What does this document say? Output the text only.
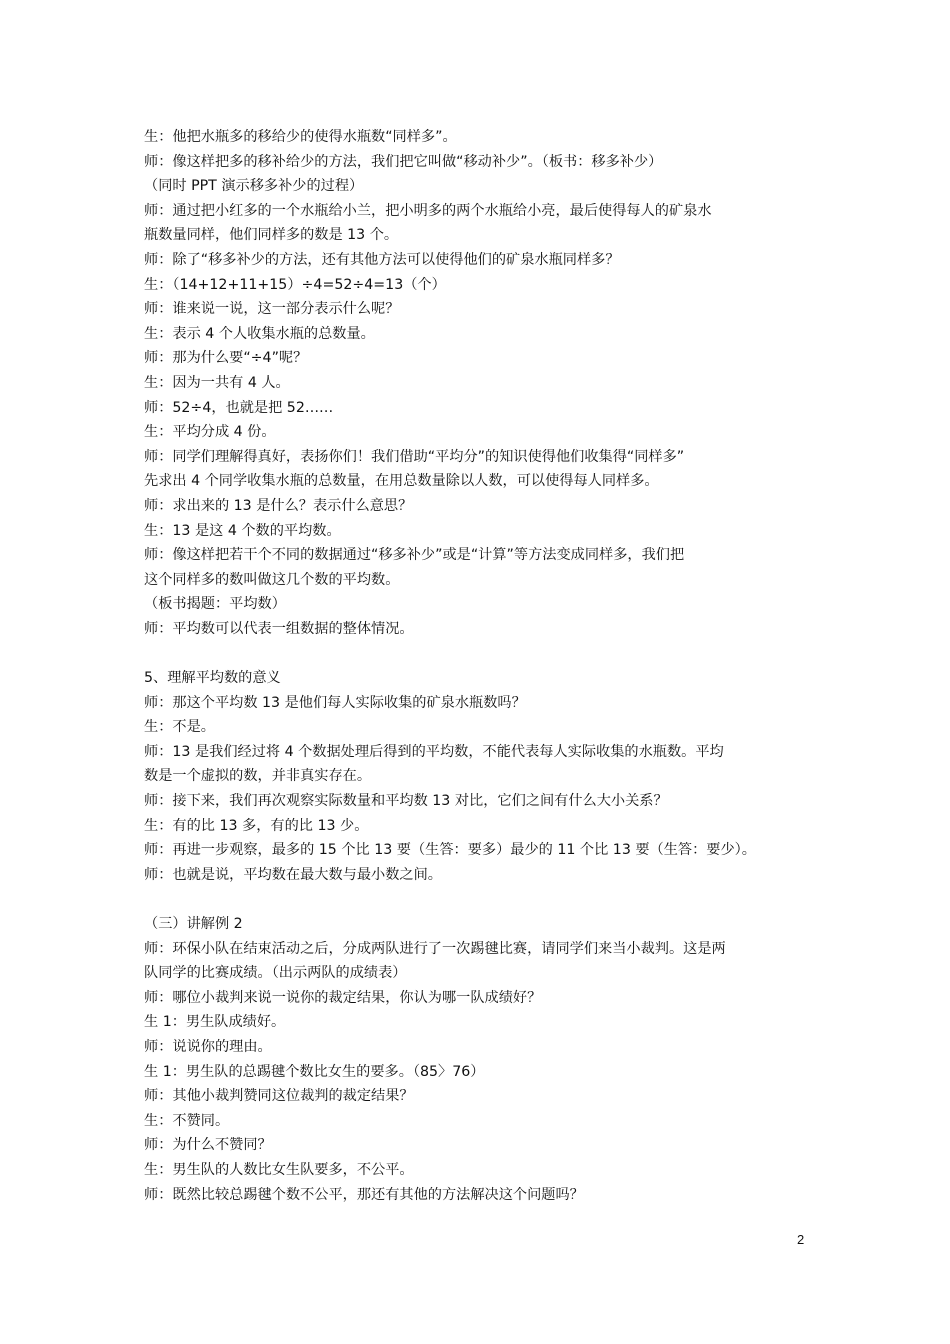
生：他把水瓶多的移给少的使得水瓶数“同样多”。
师：像这样把多的移补给少的方法，我们把它叫做“移动补少”。（板书：移多补少）
（同时 PPT 演示移多补少的过程）
师：通过把小红多的一个水瓶给小兰，把小明多的两个水瓶给小亮，最后使得每人的矿泉水
瓶数量同样，他们同样多的数是 13 个。
师：除了“移多补少的方法，还有其他方法可以使得他们的矿泉水瓶同样多？
生：（14+12+11+15）÷4=52÷4=13（个）
师：谁来说一说，这一部分表示什么呢？
生：表示 4 个人收集水瓶的总数量。
师：那为什么要“÷4”呢？
生：因为一共有 4 人。
师：52÷4，也就是把 52……
生：平均分成 4 份。
师：同学们理解得真好，表扬你们！我们借助“平均分”的知识使得他们收集得“同样多”
先求出 4 个同学收集水瓶的总数量，在用总数量除以人数，可以使得每人同样多。
师：求出来的 13 是什么？表示什么意思？
生：13 是这 4 个数的平均数。
师：像这样把若干个不同的数据通过“移多补少”或是“计算”等方法变成同样多，我们把
这个同样多的数叫做这几个数的平均数。
（板书揭题：平均数）
师：平均数可以代表一组数据的整体情况。
5、理解平均数的意义
师：那这个平均数 13 是他们每人实际收集的矿泉水瓶数吗？
生：不是。
师：13 是我们经过将 4 个数据处理后得到的平均数，不能代表每人实际收集的水瓶数。平均
数是一个虚拟的数，并非真实存在。
师：接下来，我们再次观察实际数量和平均数 13 对比，它们之间有什么大小关系？
生：有的比 13 多，有的比 13 少。
师：再进一步观察，最多的 15 个比 13 要（生答：要多）最少的 11 个比 13 要（生答：要少）。
师：也就是说，平均数在最大数与最小数之间。
（三）讲解例 2
师：环保小队在结束活动之后，分成两队进行了一次踢毽比赛，请同学们来当小裁判。这是两
队同学的比赛成绩。（出示两队的成绩表）
师：哪位小裁判来说一说你的裁定结果，你认为哪一队成绩好？
生 1：男生队成绩好。
师：说说你的理由。
生 1：男生队的总踢毽个数比女生的要多。（85〉76）
师：其他小裁判赞同这位裁判的裁定结果？
生：不赞同。
师：为什么不赞同？
生：男生队的人数比女生队要多，不公平。
师：既然比较总踢毽个数不公平，那还有其他的方法解决这个问题吗？
2
